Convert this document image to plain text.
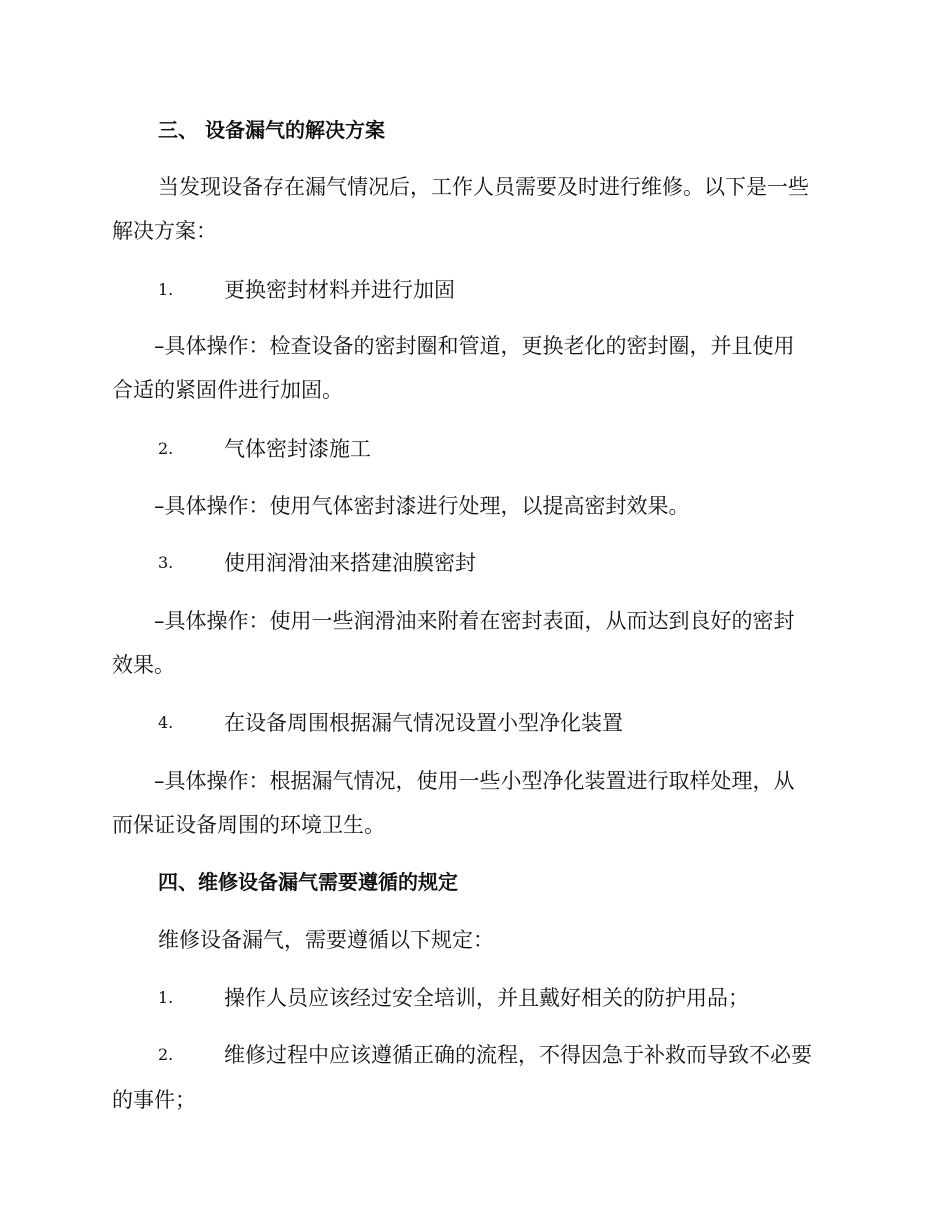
三、 设备漏气的解决方案
当发现设备存在漏气情况后，工作人员需要及时进行维修。以下是一些
解决方案：
1. 更换密封材料并进行加固
–具体操作：检查设备的密封圈和管道，更换老化的密封圈，并且使用
合适的紧固件进行加固。
2. 气体密封漆施工
–具体操作：使用气体密封漆进行处理，以提高密封效果。
3. 使用润滑油来搭建油膜密封
–具体操作：使用一些润滑油来附着在密封表面，从而达到良好的密封
效果。
4. 在设备周围根据漏气情况设置小型净化装置
–具体操作：根据漏气情况，使用一些小型净化装置进行取样处理，从
而保证设备周围的环境卫生。
四、维修设备漏气需要遵循的规定
维修设备漏气，需要遵循以下规定：
1. 操作人员应该经过安全培训，并且戴好相关的防护用品；
2. 维修过程中应该遵循正确的流程，不得因急于补救而导致不必要
的事件；
